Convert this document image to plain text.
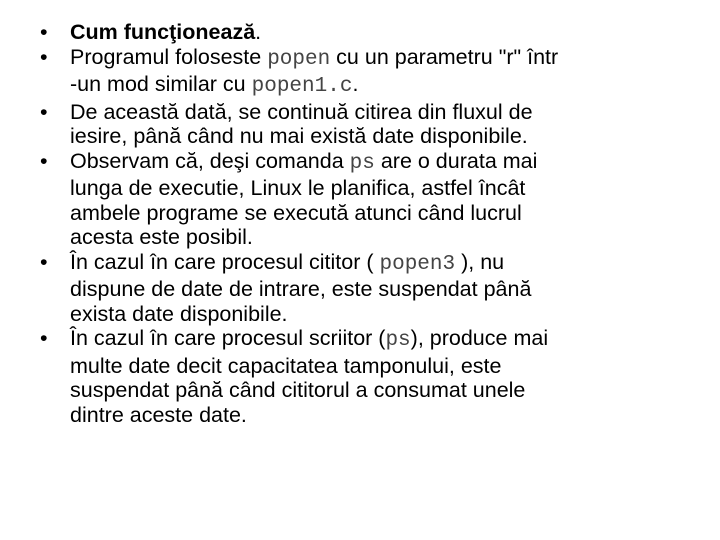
•	Cum funcţionează.
•	Programul foloseste popen cu un parametru "r" într
-un mod similar cu popen1.c.
•	De această dată, se continuă citirea din fluxul de
iesire, până când nu mai există date disponibile.
•	Observam că, deşi comanda ps are o durata mai
lunga de executie, Linux le planifica, astfel încât
ambele programe se execută atunci când lucrul
acesta este posibil.
•	În cazul în care procesul cititor ( popen3 ), nu
dispune de date de intrare, este suspendat până
exista date disponibile.
•	În cazul în care procesul scriitor (ps), produce mai
multe date decit capacitatea tamponului, este
suspendat până când cititorul a consumat unele
dintre aceste date.
